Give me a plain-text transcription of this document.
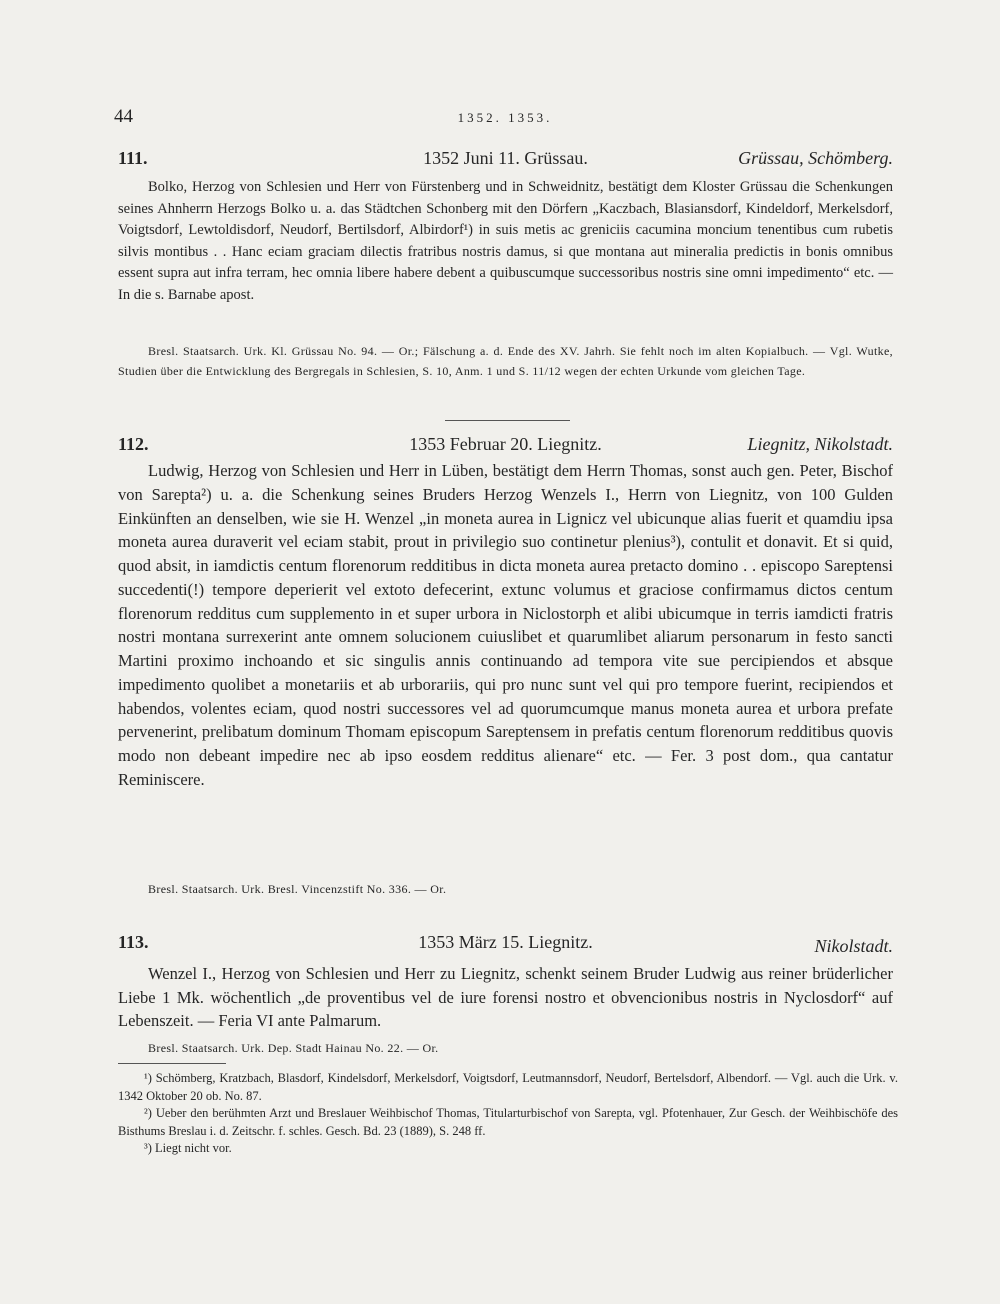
44	1352. 1353.
111.	1352 Juni 11. Grüssau.	Grüssau, Schömberg.
Bolko, Herzog von Schlesien und Herr von Fürstenberg und in Schweidnitz, bestätigt dem Kloster Grüssau die Schenkungen seines Ahnherrn Herzogs Bolko u. a. das Städtchen Schonberg mit den Dörfern „Kaczbach, Blasiansdorf, Kindeldorf, Merkelsdorf, Voigtsdorf, Lewtoldisdorf, Neudorf, Bertilsdorf, Albirdorf¹) in suis metis ac greniciis cacumina moncium tenentibus cum rubetis silvis montibus . . Hanc eciam graciam dilectis fratribus nostris damus, si que montana aut mineralia predictis in bonis omnibus essent supra aut infra terram, hec omnia libere habere debent a quibuscumque successoribus nostris sine omni impedimento“ etc. — In die s. Barnabe apost.
Bresl. Staatsarch. Urk. Kl. Grüssau No. 94. — Or.; Fälschung a. d. Ende des XV. Jahrh. Sie fehlt noch im alten Kopialbuch. — Vgl. Wutke, Studien über die Entwicklung des Bergregals in Schlesien, S. 10, Anm. 1 und S. 11/12 wegen der echten Urkunde vom gleichen Tage.
112.	1353 Februar 20. Liegnitz.	Liegnitz, Nikolstadt.
Ludwig, Herzog von Schlesien und Herr in Lüben, bestätigt dem Herrn Thomas, sonst auch gen. Peter, Bischof von Sarepta²) u. a. die Schenkung seines Bruders Herzog Wenzels I., Herrn von Liegnitz, von 100 Gulden Einkünften an denselben, wie sie H. Wenzel „in moneta aurea in Lignicz vel ubicunque alias fuerit et quamdiu ipsa moneta aurea duraverit vel eciam stabit, prout in privilegio suo continetur plenius³), contulit et donavit. Et si quid, quod absit, in iamdictis centum florenorum redditibus in dicta moneta aurea pretacto domino . . episcopo Sareptensi succedenti(!) tempore deperierit vel extoto defecerint, extunc volumus et graciose confirmamus dictos centum florenorum redditus cum supplemento in et super urbora in Niclostorph et alibi ubicumque in terris iamdicti fratris nostri montana surrexerint ante omnem solucionem cuiuslibet et quarumlibet aliarum personarum in festo sancti Martini proximo inchoando et sic singulis annis continuando ad tempora vite sue percipiendos et absque impedimento quolibet a monetariis et ab urborariis, qui pro nunc sunt vel qui pro tempore fuerint, recipiendos et habendos, volentes eciam, quod nostri successores vel ad quorumcumque manus moneta aurea et urbora prefate pervenerint, prelibatum dominum Thomam episcopum Sareptensem in prefatis centum florenorum redditibus quovis modo non debeant impedire nec ab ipso eosdem redditus alienare“ etc. — Fer. 3 post dom., qua cantatur Reminiscere.
Bresl. Staatsarch. Urk. Bresl. Vincenzstift No. 336. — Or.
113.	1353 März 15. Liegnitz.	Nikolstadt.
Wenzel I., Herzog von Schlesien und Herr zu Liegnitz, schenkt seinem Bruder Ludwig aus reiner brüderlicher Liebe 1 Mk. wöchentlich „de proventibus vel de iure forensi nostro et obvencionibus nostris in Nyclosdorf“ auf Lebenszeit. — Feria VI ante Palmarum.
Bresl. Staatsarch. Urk. Dep. Stadt Hainau No. 22. — Or.
¹) Schömberg, Kratzbach, Blasdorf, Kindelsdorf, Merkelsdorf, Voigtsdorf, Leutmannsdorf, Neudorf, Bertelsdorf, Albendorf. — Vgl. auch die Urk. v. 1342 Oktober 20 ob. No. 87.
²) Ueber den berühmten Arzt und Breslauer Weihbischof Thomas, Titularturbischof von Sarepta, vgl. Pfotenhauer, Zur Gesch. der Weihbischöfe des Bisthums Breslau i. d. Zeitschr. f. schles. Gesch. Bd. 23 (1889), S. 248 ff.
³) Liegt nicht vor.
